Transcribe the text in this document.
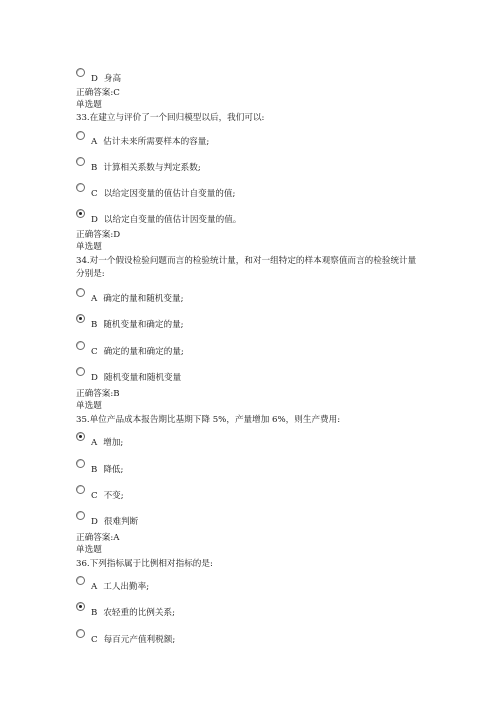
D 身高
正确答案:C
单选题
33.在建立与评价了一个回归模型以后，我们可以:
A 估计未来所需要样本的容量;
B 计算相关系数与判定系数;
C 以给定因变量的值估计自变量的值;
D 以给定自变量的值估计因变量的值。
正确答案:D
单选题
34.对一个假设检验问题而言的检验统计量，和对一组特定的样本观察值而言的检验统计量
分别是:
A 确定的量和随机变量;
B 随机变量和确定的量;
C 确定的量和确定的量;
D 随机变量和随机变量
正确答案:B
单选题
35.单位产品成本报告期比基期下降 5%，产量增加 6%，则生产费用:
A 增加;
B 降低;
C 不变;
D 很难判断
正确答案:A
单选题
36.下列指标属于比例相对指标的是:
A 工人出勤率;
B 农轻重的比例关系;
C 每百元产值利税额;
